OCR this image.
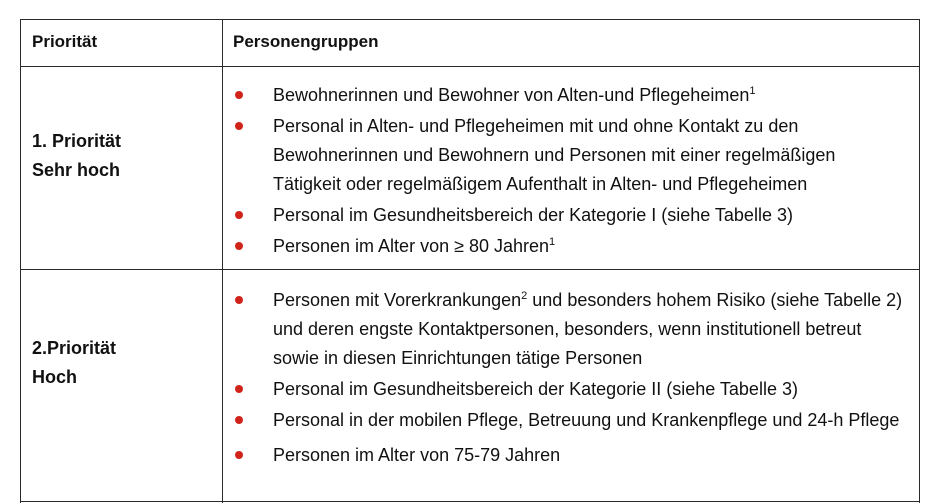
Priorität	Personengruppen
1. Priorität
Sehr hoch
Bewohnerinnen und Bewohner von Alten-und Pflegeheimen$^1$
Personal in Alten- und Pflegeheimen mit und ohne Kontakt zu den Bewohnerinnen und Bewohnern und Personen mit einer regelmäßigen Tätigkeit oder regelmäßigem Aufenthalt in Alten- und Pflegeheimen
Personal im Gesundheitsbereich der Kategorie I (siehe Tabelle 3)
Personen im Alter von ≥ 80 Jahren$^1$
2.Priorität
Hoch
Personen mit Vorerkrankungen$^2$ und besonders hohem Risiko (siehe Tabelle 2) und deren engste Kontaktpersonen, besonders, wenn institutionell betreut sowie in diesen Einrichtungen tätige Personen
Personal im Gesundheitsbereich der Kategorie II (siehe Tabelle 3)
Personal in der mobilen Pflege, Betreuung und Krankenpflege und 24-h Pflege
Personen im Alter von 75-79 Jahren
